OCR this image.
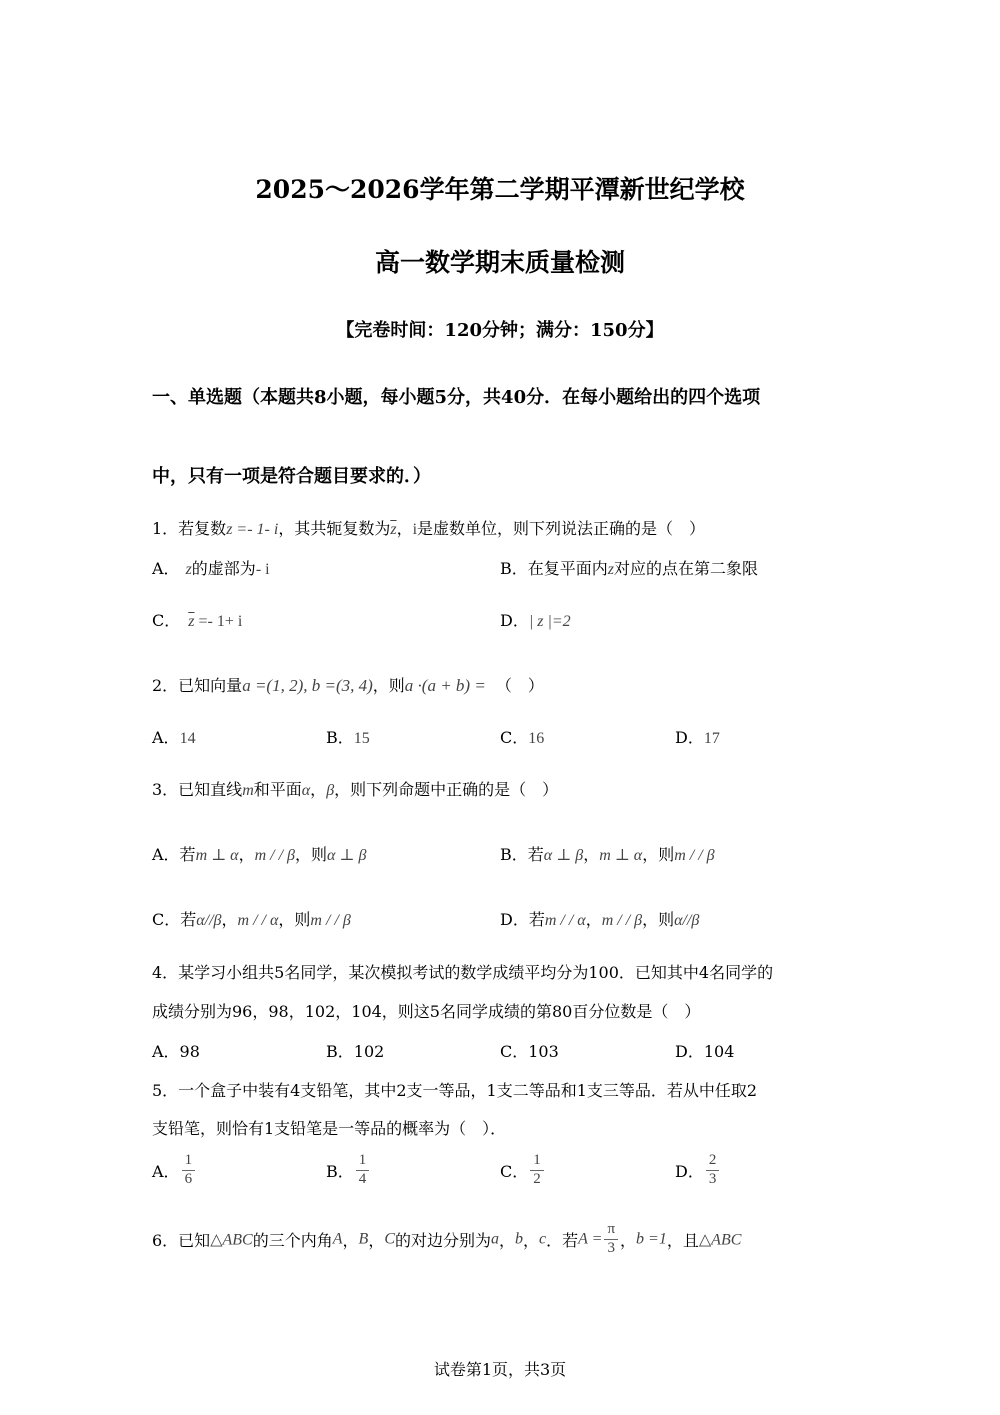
2025～2026学年第二学期平潭新世纪学校
高一数学期末质量检测
【完卷时间：120分钟；满分：150分】
一、单选题（本题共8小题，每小题5分，共40分．在每小题给出的四个选项
中，只有一项是符合题目要求的．）
1．若复数z =- 1- i，其共轭复数为$\overline{z}$，i是虚数单位，则下列说法正确的是（　）
A． z的虚部为- i	B．在复平面内z对应的点在第二象限
C． $\overline{z} =- 1+ i$	D．| z |=2
2．已知向量a =(1, 2), b =(3, 4)，则a ·(a + b) = （　）
A．14	B．15	C．16	D．17
3．已知直线m和平面α，β，则下列命题中正确的是（　）
A．若m ⊥ α，m / / β，则α ⊥ β	B．若α ⊥ β，m ⊥ α，则m / / β
C．若α//β，m / / α，则m / / β	D．若m / / α，m / / β，则α//β
4．某学习小组共5名同学，某次模拟考试的数学成绩平均分为100．已知其中4名同学的
成绩分别为96，98，102，104，则这5名同学成绩的第80百分位数是（　）
A．98	B．102	C．103	D．104
5．一个盒子中装有4支铅笔，其中2支一等品，1支二等品和1支三等品．若从中任取2
支铅笔，则恰有1支铅笔是一等品的概率为（　）．
A． $\frac{1}{6}$	B． $\frac{1}{4}$	C． $\frac{1}{2}$	D． $\frac{2}{3}$
6．已知△ABC的三个内角A，B，C的对边分别为a，b，c．若$A = \frac{\pi}{3}$ ，b =1，且△ABC
试卷第1页，共3页
